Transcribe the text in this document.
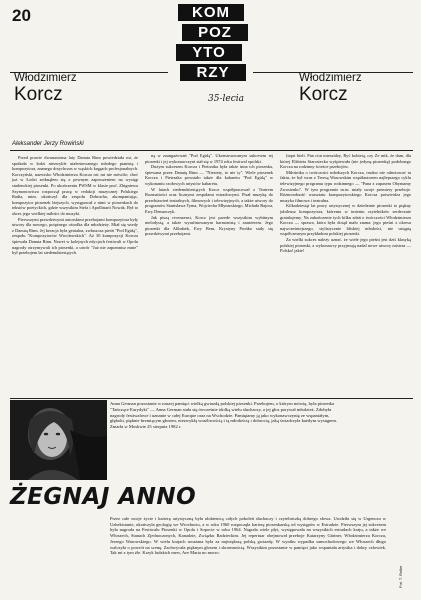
20
Włodzimierz
Korcz
Włodzimierz
Korcz
KOM
POZ
YTO
RZY
35-lecia
Aleksander Jerzy Rowiński

Przed prawie dwunastoma laty Danuta Rinn powiedziała mi, że spotkała w łodzi niezwykle utalentowanego młodego pianistę i kompozytora, znanego dotychczas w wąskich kręgach profesjonalnych. Korczyński, nazwisko Włodzimierza Korcza nic mi nie mówiło; choć już w Łodzi zetknąłem się z pewnym zaproszeniem na występ studenckiej piosenki. Po ukończeniu PWSM w klasie prof. Zbigniewa Szymonowicza rozpoczął pracę w redakcji muzycznej Polskiego Radia, mim. ukończył dla zespołu Dobrucha, akompaniując, kompozytor piosenek lżejszych, występował z nimi w piosenkach do tekstów poetyckich, gdzie wszystkim Stefa i Apollinarii Nowak. Był to okres jego wielkiej miłości do muzyki.

Pierwszymi prawdziwymi autorskimi przebojami kompozytora były utwory dla nowego, potężnego ośrodka dla młodzieży. Miał się wtedy z Danutą Rinn. Jej kreacja była genialna, zwłaszcza pieśń "Pod Egidą", zespołu "Kompozytorów Wrocławskich". Aż 30 kompozycji Korcza śpiewała Danuta Rinn. Nawet w kolejnych edycjach festiwali w Opolu nagrody otrzymywali ich piosenki, a utwór "Już nie zapomnisz mnie" był przebojem lat siedemdziesiątych.

ną w zaangażowań "Pod Egidą". Ukonstruowanym sukcesem tej piosenki i jej wykonawczyni stał się w 1974 roku festiwal opolski.

Dużym sukcesem Korcza i Pietrzaka była także inna ich piosenka, śpiewana przez Danutę Rinn — "Niestety, to nie ty". Wiele piosenek Korcza i Pietrzaka powstało także dla kabaretu "Pod Egidą" w wykonaniu czołowych artystów kabaretu.

W latach siedemdziesiątych Korcz współpracował z Teatrem Rozmaitości oraz licznymi zespołami estradowymi. Pisał muzykę do przedstawień teatralnych, filmowych i telewizyjnych, a także utwory do programów Stanisława Tyma, Wojciecha Młynarskiego, Michała Bajora, Ewy Demarczyk.

Jak piszą recenzenci, Korcz jest przede wszystkim wybitnym melodystą, a także wyrafinowanym harmonistą i aranżerem. Jego piosenki dla Alibabek, Ewy Bem, Krystyny Prońko stały się prawdziwymi przebojami.

(tapri bieli. Pan ciut mieszidzy, Być kobietą, czy Ze mik, że dam, dla której Elżbieta Starostecka wyśpiewała (nie jedyną piosenkę) podobnego Korcza na rodzinny ścieżce przebojów.

Miłośnika o twórczości młodszych Korcza, trudno nie odnotować tu faktu, że był wraz z Teresą Wasowskim współautorem najlepszego cyklu telewizyjnego programu typu rodzinnego — "Pana z zapasem Obymamy Zwosienko". W tym programie m.in. miały swoje premiery przeboje. Różnorodność warsztatu kompozytorskiego Korcza potwierdza jego muzyka filmowa i teatralna.

Kilkadziesiąt lat pracy artystycznej w dziedzinie piosenki to piękny jubileusz kompozytora, któremu w imieniu czytelników serdecznie gratulujemy. Na zakończenie tych kilku zdań o twórczości Włodzimierza Korcza — sprawa, która była dotąd mało znana: jego pieśni z okresu najwcześniejszego, stylistycznie bliskiej młodości, nie ustąpią współczesnym przykładom polskiej piosenki.

Za wielki sukces należy uznać, że wiele jego pieśni jest dziś klasyką polskiej piosenki, a wykonawcy przyjmują nadal nowe utwory mistrza — Polska! jakie!

Anna German pozostanie w naszej pamięci wielką gwiazdą polskiej piosenki. Przebojem, o którym mówię, była piosenka "Tańczące Eurydyki" — Anna German stała się ówcześnie idolką wielu słuchaczy, a jej głos porywał młodzież. Zdobyła nagrody festiwalowe i uznanie w całej Europie oraz na Wschodzie. Pamiętamy ją jako wykonawczynię ze wspaniałym, głęboki, pięknie brzmiącym głosem, niezwykłą wrażliwością i tą młodością i dobrocią, jaką świadczyła każdym występem. Zmarła w Moskwie 25 sierpnia 1982 r.
ŻEGNAJ ANNO
Przez całe swoje życie i karierę artystyczną była ulubienicą całych pokoleń słuchaczy i czytelniczką dobrego słowa. Urodziła się w Urgenczu w Uzbekistanie, ukończyła geologię we Wrocławiu, a w roku 1960 rozpoczęła karierę piosenkarską od występów w Estradzie. Pierwszym jej sukcesem była nagroda na Festiwalu Piosenki w Opolu i Sopocie w roku 1964. Nagrała wiele płyt, występowała na wszystkich estradach kraju, a także we Włoszech, Stanach Zjednoczonych, Kanadzie, Związku Radzieckim. Jej repertuar obejmował przeboje Katarzyny Gärtner, Włodzimierza Korcza, Jerzego Wasowskiego. W wielu krajach uważana była za największą polską gwiazdę. W wyniku wypadku samochodowego we Włoszech długo walczyła o powrót na scenę. Zachwycała pięknym głosem i skromnością. Wszystkim pozostanie w pamięci jako wspaniała artystka i dobry człowiek. Tak mi z tym źle. Krzyk ludzkich mew, Ave Maria no morro.
Fot. T. Rolke
